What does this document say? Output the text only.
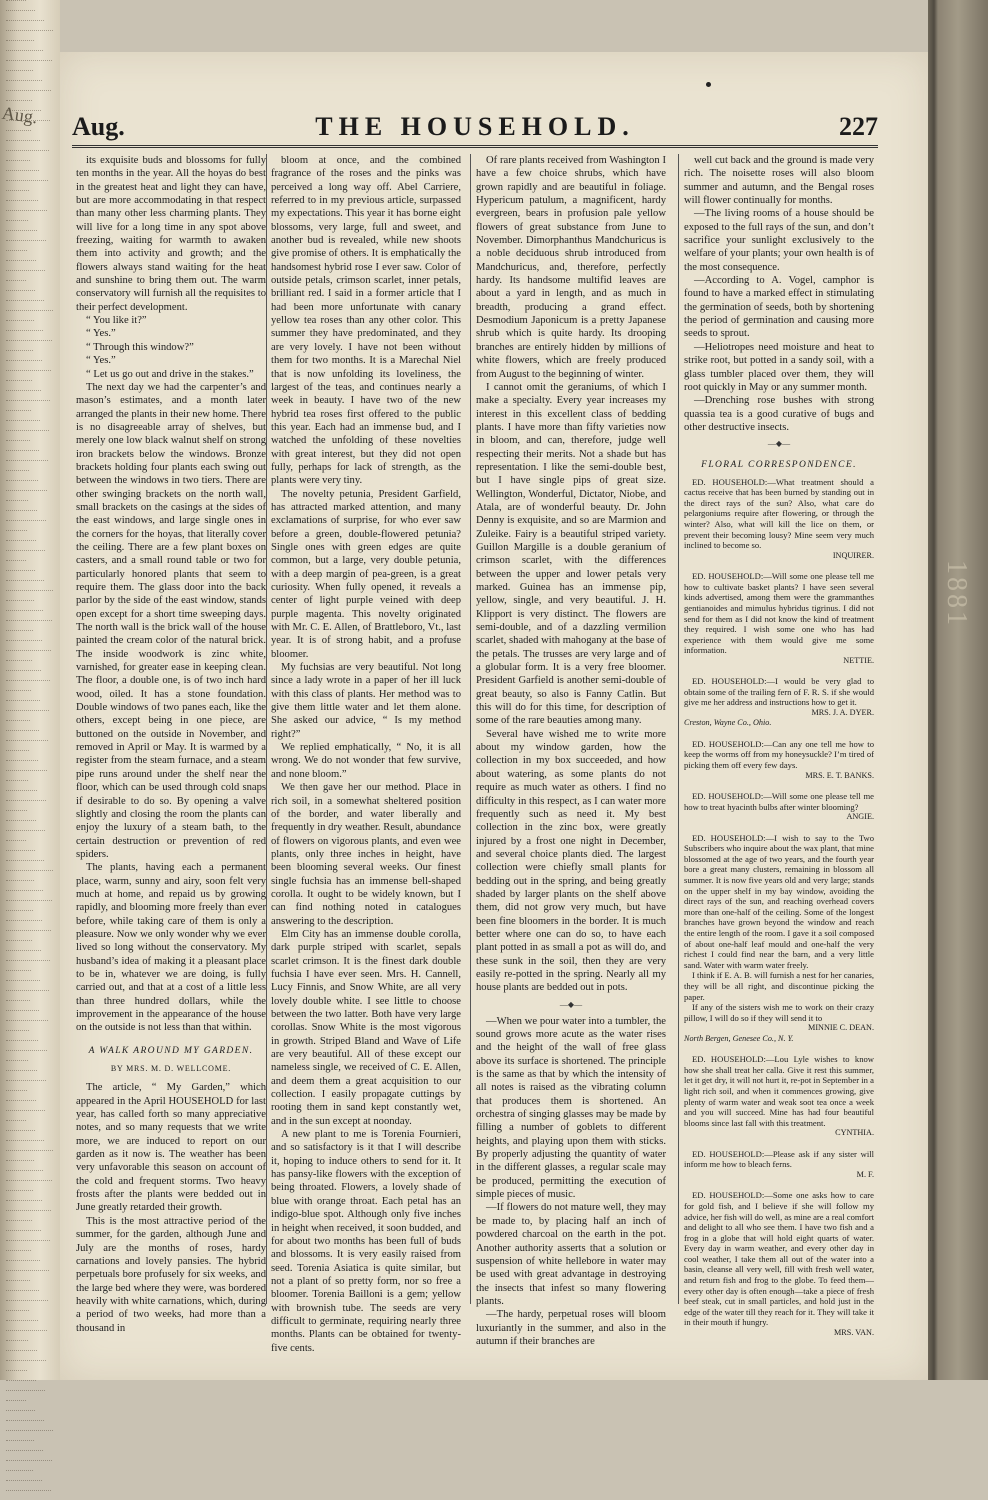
Aug.
1881
Aug.	THE HOUSEHOLD.	227

its exquisite buds and blossoms for fully ten months in the year. All the hoyas do best in the greatest heat and light they can have, but are more accommodating in that respect than many other less charming plants. They will live for a long time in any spot above freezing, waiting for warmth to awaken them into activity and growth; and the flowers always stand waiting for the heat and sunshine to bring them out. The warm conservatory will furnish all the requisites to their perfect development.

“ You like it?”

“ Yes.”

“ Through this window?”

“ Yes.”

“ Let us go out and drive in the stakes.”

The next day we had the carpenter’s and mason’s estimates, and a month later arranged the plants in their new home. There is no disagreeable array of shelves, but merely one low black walnut shelf on strong iron brackets below the windows. Bronze brackets holding four plants each swing out between the windows in two tiers. There are other swinging brackets on the north wall, small brackets on the casings at the sides of the east windows, and large single ones in the corners for the hoyas, that literally cover the ceiling. There are a few plant boxes on casters, and a small round table or two for particularly honored plants that seem to require them. The glass door into the back parlor by the side of the east window, stands open except for a short time sweeping days. The north wall is the brick wall of the house painted the cream color of the natural brick. The inside woodwork is zinc white, varnished, for greater ease in keeping clean. The floor, a double one, is of two inch hard wood, oiled. It has a stone foundation. Double windows of two panes each, like the others, except being in one piece, are buttoned on the outside in November, and removed in April or May. It is warmed by a register from the steam furnace, and a steam pipe runs around under the shelf near the floor, which can be used through cold snaps if desirable to do so. By opening a valve slightly and closing the room the plants can enjoy the luxury of a steam bath, to the certain destruction or prevention of red spiders.

The plants, having each a permanent place, warm, sunny and airy, soon felt very much at home, and repaid us by growing rapidly, and blooming more freely than ever before, while taking care of them is only a pleasure. Now we only wonder why we ever lived so long without the conservatory. My husband’s idea of making it a pleasant place to be in, whatever we are doing, is fully carried out, and that at a cost of a little less than three hundred dollars, while the improvement in the appearance of the house on the outside is not less than that within.

A WALK AROUND MY GARDEN.

BY MRS. M. D. WELLCOME.

The article, “ My Garden,” which appeared in the April HOUSEHOLD for last year, has called forth so many appreciative notes, and so many requests that we write more, we are induced to report on our garden as it now is. The weather has been very unfavorable this season on account of the cold and frequent storms. Two heavy frosts after the plants were bedded out in June greatly retarded their growth.

This is the most attractive period of the summer, for the garden, although June and July are the months of roses, hardy carnations and lovely pansies. The hybrid perpetuals bore profusely for six weeks, and the large bed where they were, was bordered heavily with white carnations, which, during a period of two weeks, had more than a thousand in

bloom at once, and the combined fragrance of the roses and the pinks was perceived a long way off. Abel Carriere, referred to in my previous article, surpassed my expectations. This year it has borne eight blossoms, very large, full and sweet, and another bud is revealed, while new shoots give promise of others. It is emphatically the handsomest hybrid rose I ever saw. Color of outside petals, crimson scarlet, inner petals, brilliant red. I said in a former article that I had been more unfortunate with canary yellow tea roses than any other color. This summer they have predominated, and they are very lovely. I have not been without them for two months. It is a Marechal Niel that is now unfolding its loveliness, the largest of the teas, and continues nearly a week in beauty. I have two of the new hybrid tea roses first offered to the public this year. Each had an immense bud, and I watched the unfolding of these novelties with great interest, but they did not open fully, perhaps for lack of strength, as the plants were very tiny.

The novelty petunia, President Garfield, has attracted marked attention, and many exclamations of surprise, for who ever saw before a green, double-flowered petunia? Single ones with green edges are quite common, but a large, very double petunia, with a deep margin of pea-green, is a great curiosity. When fully opened, it reveals a center of light purple veined with deep purple magenta. This novelty originated with Mr. C. E. Allen, of Brattleboro, Vt., last year. It is of strong habit, and a profuse bloomer.

My fuchsias are very beautiful. Not long since a lady wrote in a paper of her ill luck with this class of plants. Her method was to give them little water and let them alone. She asked our advice, “ Is my method right?”

We replied emphatically, “ No, it is all wrong. We do not wonder that few survive, and none bloom.”

We then gave her our method. Place in rich soil, in a somewhat sheltered position of the border, and water liberally and frequently in dry weather. Result, abundance of flowers on vigorous plants, and even wee plants, only three inches in height, have been blooming several weeks. Our finest single fuchsia has an immense bell-shaped corolla. It ought to be widely known, but I can find nothing noted in catalogues answering to the description.

Elm City has an immense double corolla, dark purple striped with scarlet, sepals scarlet crimson. It is the finest dark double fuchsia I have ever seen. Mrs. H. Cannell, Lucy Finnis, and Snow White, are all very lovely double white. I see little to choose between the two latter. Both have very large corollas. Snow White is the most vigorous in growth. Striped Bland and Wave of Life are very beautiful. All of these except our nameless single, we received of C. E. Allen, and deem them a great acquisition to our collection. I easily propagate cuttings by rooting them in sand kept constantly wet, and in the sun except at noonday.

A new plant to me is Torenia Fournieri, and so satisfactory is it that I will describe it, hoping to induce others to send for it. It has pansy-like flowers with the exception of being throated. Flowers, a lovely shade of blue with orange throat. Each petal has an indigo-blue spot. Although only five inches in height when received, it soon budded, and for about two months has been full of buds and blossoms. It is very easily raised from seed. Torenia Asiatica is quite similar, but not a plant of so pretty form, nor so free a bloomer. Torenia Bailloni is a gem; yellow with brownish tube. The seeds are very difficult to germinate, requiring nearly three months. Plants can be obtained for twenty-five cents.

Of rare plants received from Washington I have a few choice shrubs, which have grown rapidly and are beautiful in foliage. Hypericum patulum, a magnificent, hardy evergreen, bears in profusion pale yellow flowers of great substance from June to November. Dimorphanthus Mandchuricus is a noble deciduous shrub introduced from Mandchuricus, and, therefore, perfectly hardy. Its handsome multifid leaves are about a yard in length, and as much in breadth, producing a grand effect. Desmodium Japonicum is a pretty Japanese shrub which is quite hardy. Its drooping branches are entirely hidden by millions of white flowers, which are freely produced from August to the beginning of winter.

I cannot omit the geraniums, of which I make a specialty. Every year increases my interest in this excellent class of bedding plants. I have more than fifty varieties now in bloom, and can, therefore, judge well respecting their merits. Not a shade but has representation. I like the semi-double best, but I have single pips of great size. Wellington, Wonderful, Dictator, Niobe, and Atala, are of wonderful beauty. Dr. John Denny is exquisite, and so are Marmion and Zuleike. Fairy is a beautiful striped variety. Guillon Margille is a double geranium of crimson scarlet, with the differences between the upper and lower petals very marked. Guinea has an immense pip, yellow, single, and very beautiful. J. H. Klipport is very distinct. The flowers are semi-double, and of a dazzling vermilion scarlet, shaded with mahogany at the base of the petals. The trusses are very large and of a globular form. It is a very free bloomer. President Garfield is another semi-double of great beauty, so also is Fanny Catlin. But this will do for this time, for description of some of the rare beauties among many.

Several have wished me to write more about my window garden, how the collection in my box succeeded, and how about watering, as some plants do not require as much water as others. I find no difficulty in this respect, as I can water more frequently such as need it. My best collection in the zinc box, were greatly injured by a frost one night in December, and several choice plants died. The largest collection were chiefly small plants for bedding out in the spring, and being greatly shaded by larger plants on the shelf above them, did not grow very much, but have been fine bloomers in the border. It is much better where one can do so, to have each plant potted in as small a pot as will do, and these sunk in the soil, then they are very easily re-potted in the spring. Nearly all my house plants are bedded out in pots.

—◆—

—When we pour water into a tumbler, the sound grows more acute as the water rises and the height of the wall of free glass above its surface is shortened. The principle is the same as that by which the intensity of all notes is raised as the vibrating column that produces them is shortened. An orchestra of singing glasses may be made by filling a number of goblets to different heights, and playing upon them with sticks. By properly adjusting the quantity of water in the different glasses, a regular scale may be produced, permitting the execution of simple pieces of music.

—If flowers do not mature well, they may be made to, by placing half an inch of powdered charcoal on the earth in the pot. Another authority asserts that a solution or suspension of white hellebore in water may be used with great advantage in destroying the insects that infest so many flowering plants.

—The hardy, perpetual roses will bloom luxuriantly in the summer, and also in the autumn if their branches are

well cut back and the ground is made very rich. The noisette roses will also bloom summer and autumn, and the Bengal roses will flower continually for months.

—The living rooms of a house should be exposed to the full rays of the sun, and don’t sacrifice your sunlight exclusively to the welfare of your plants; your own health is of the most consequence.

—According to A. Vogel, camphor is found to have a marked effect in stimulating the germination of seeds, both by shortening the period of germination and causing more seeds to sprout.

—Heliotropes need moisture and heat to strike root, but potted in a sandy soil, with a glass tumbler placed over them, they will root quickly in May or any summer month.

—Drenching rose bushes with strong quassia tea is a good curative of bugs and other destructive insects.

—◆—

FLORAL CORRESPONDENCE.

ED. HOUSEHOLD:—What treatment should a cactus receive that has been burned by standing out in the direct rays of the sun? Also, what care do pelargoniums require after flowering, or through the winter? Also, what will kill the lice on them, or prevent their becoming lousy? Mine seem very much inclined to become so.

INQUIRER.

ED. HOUSEHOLD:—Will some one please tell me how to cultivate basket plants? I have seen several kinds advertised, among them were the grammanthes gentianoides and mimulus hybridus tigrinus. I did not send for them as I did not know the kind of treatment they required. I wish some one who has had experience with them would give me some information.

NETTIE.

ED. HOUSEHOLD:—I would be very glad to obtain some of the trailing fern of F. R. S. if she would give me her address and instructions how to get it.

MRS. J. A. DYER.

Creston, Wayne Co., Ohio.

ED. HOUSEHOLD:—Can any one tell me how to keep the worms off from my honeysuckle? I’m tired of picking them off every few days.

MRS. E. T. BANKS.

ED. HOUSEHOLD:—Will some one please tell me how to treat hyacinth bulbs after winter blooming?

ANGIE.

ED. HOUSEHOLD:—I wish to say to the Two Subscribers who inquire about the wax plant, that mine blossomed at the age of two years, and the fourth year bore a great many clusters, remaining in blossom all summer. It is now five years old and very large; stands on the upper shelf in my bay window, avoiding the direct rays of the sun, and reaching overhead covers more than one-half of the ceiling. Some of the longest branches have grown beyond the window and reach the entire length of the room. I gave it a soil composed of about one-half leaf mould and one-half the very richest I could find near the barn, and a very little sand. Water with warm water freely.

I think if E. A. B. will furnish a nest for her canaries, they will be all right, and discontinue picking the paper.

If any of the sisters wish me to work on their crazy pillow, I will do so if they will send it to

MINNIE C. DEAN.

North Bergen, Genesee Co., N. Y.

ED. HOUSEHOLD:—Lou Lyle wishes to know how she shall treat her calla. Give it rest this summer, let it get dry, it will not hurt it, re-pot in September in a light rich soil, and when it commences growing, give plenty of warm water and weak soot tea once a week and you will succeed. Mine has had four beautiful blooms since last fall with this treatment.

CYNTHIA.

ED. HOUSEHOLD:—Please ask if any sister will inform me how to bleach ferns.

M. F.

ED. HOUSEHOLD:—Some one asks how to care for gold fish, and I believe if she will follow my advice, her fish will do well, as mine are a real comfort and delight to all who see them. I have two fish and a frog in a globe that will hold eight quarts of water. Every day in warm weather, and every other day in cool weather, I take them all out of the water into a basin, cleanse all very well, fill with fresh well water, and return fish and frog to the globe. To feed them—every other day is often enough—take a piece of fresh beef steak, cut in small particles, and hold just in the edge of the water till they reach for it. They will take it in their mouth if hungry.

MRS. VAN.
